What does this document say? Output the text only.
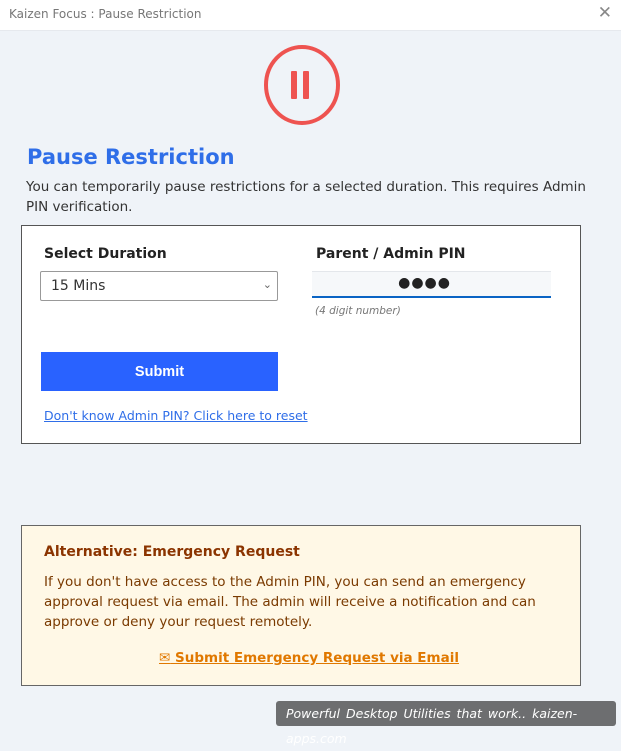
Kaizen Focus : Pause Restriction	✕
Pause Restriction
You can temporarily pause restrictions for a selected duration. This requires Admin PIN verification.
Select Duration
15 Mins	⌄
Parent / Admin PIN
●●●●
(4 digit number)
Submit
Don't know Admin PIN? Click here to reset
Alternative: Emergency Request
If you don't have access to the Admin PIN, you can send an emergency approval request via email. The admin will receive a notification and can approve or deny your request remotely.
✉ Submit Emergency Request via Email
Powerful Desktop Utilities that work.. kaizen-apps.com
